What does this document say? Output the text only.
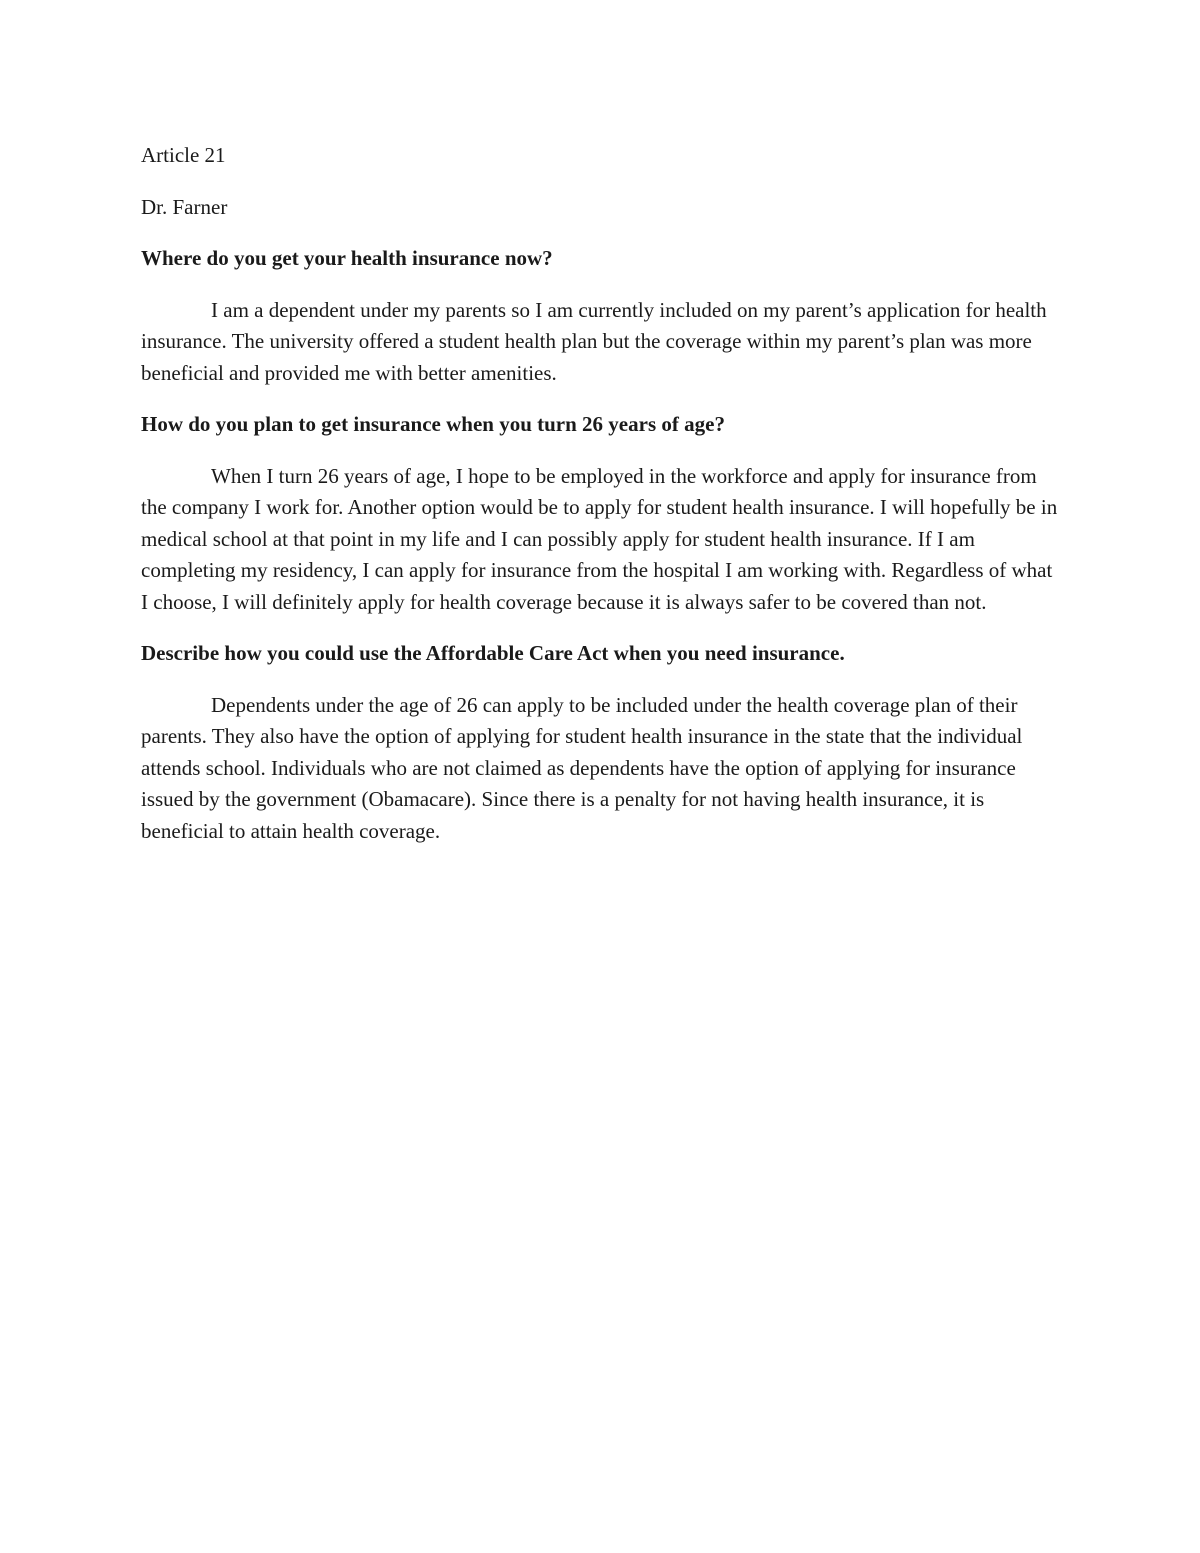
Article 21

Dr. Farner

Where do you get your health insurance now?

I am a dependent under my parents so I am currently included on my parent’s application for health insurance. The university offered a student health plan but the coverage within my parent’s plan was more beneficial and provided me with better amenities.

How do you plan to get insurance when you turn 26 years of age?

When I turn 26 years of age, I hope to be employed in the workforce and apply for insurance from the company I work for. Another option would be to apply for student health insurance. I will hopefully be in medical school at that point in my life and I can possibly apply for student health insurance. If I am completing my residency, I can apply for insurance from the hospital I am working with. Regardless of what I choose, I will definitely apply for health coverage because it is always safer to be covered than not.

Describe how you could use the Affordable Care Act when you need insurance.

Dependents under the age of 26 can apply to be included under the health coverage plan of their parents. They also have the option of applying for student health insurance in the state that the individual attends school. Individuals who are not claimed as dependents have the option of applying for insurance issued by the government (Obamacare). Since there is a penalty for not having health insurance, it is beneficial to attain health coverage.
